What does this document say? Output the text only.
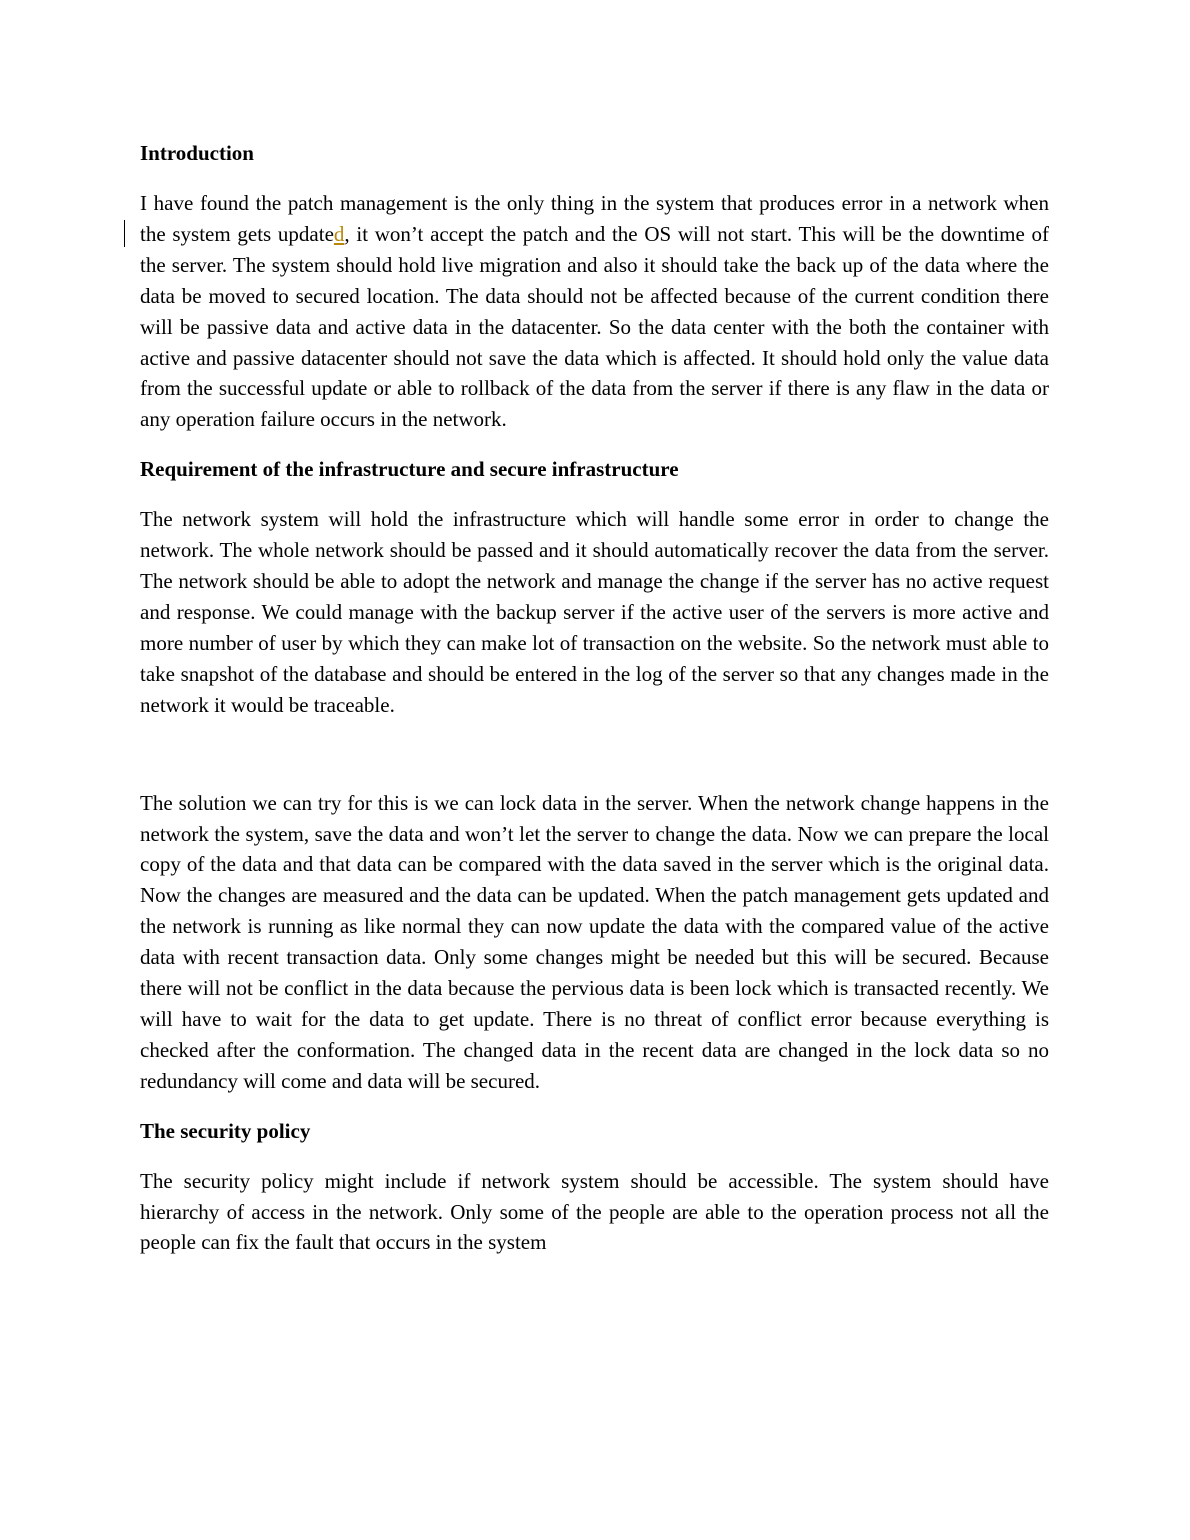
Introduction
I have found the patch management is the only thing in the system that produces error in a network when the system gets updated, it won’t accept the patch and the OS will not start. This will be the downtime of the server. The system should hold live migration and also it should take the back up of the data where the data be moved to secured location. The data should not be affected because of the current condition there will be passive data and active data in the datacenter. So the data center with the both the container with active and passive datacenter should not save the data which is affected. It should hold only the value data from the successful update or able to rollback of the data from the server if there is any flaw in the data or any operation failure occurs in the network.
Requirement of the infrastructure and secure infrastructure
The network system will hold the infrastructure which will handle some error in order to change the network. The whole network should be passed and it should automatically recover the data from the server. The network should be able to adopt the network and manage the change if the server has no active request and response. We could manage with the backup server if the active user of the servers is more active and more number of user by which they can make lot of transaction on the website. So the network must able to take snapshot of the database and should be entered in the log of the server so that any changes made in the network it would be traceable.
The solution we can try for this is we can lock data in the server. When the network change happens in the network the system, save the data and won’t let the server to change the data. Now we can prepare the local copy of the data and that data can be compared with the data saved in the server which is the original data. Now the changes are measured and the data can be updated. When the patch management gets updated and the network is running as like normal they can now update the data with the compared value of the active data with recent transaction data. Only some changes might be needed but this will be secured. Because there will not be conflict in the data because the pervious data is been lock which is transacted recently. We will have to wait for the data to get update. There is no threat of conflict error because everything is checked after the conformation. The changed data in the recent data are changed in the lock data so no redundancy will come and data will be secured.
The security policy
The security policy might include if network system should be accessible. The system should have hierarchy of access in the network. Only some of the people are able to the operation process not all the people can fix the fault that occurs in the system
